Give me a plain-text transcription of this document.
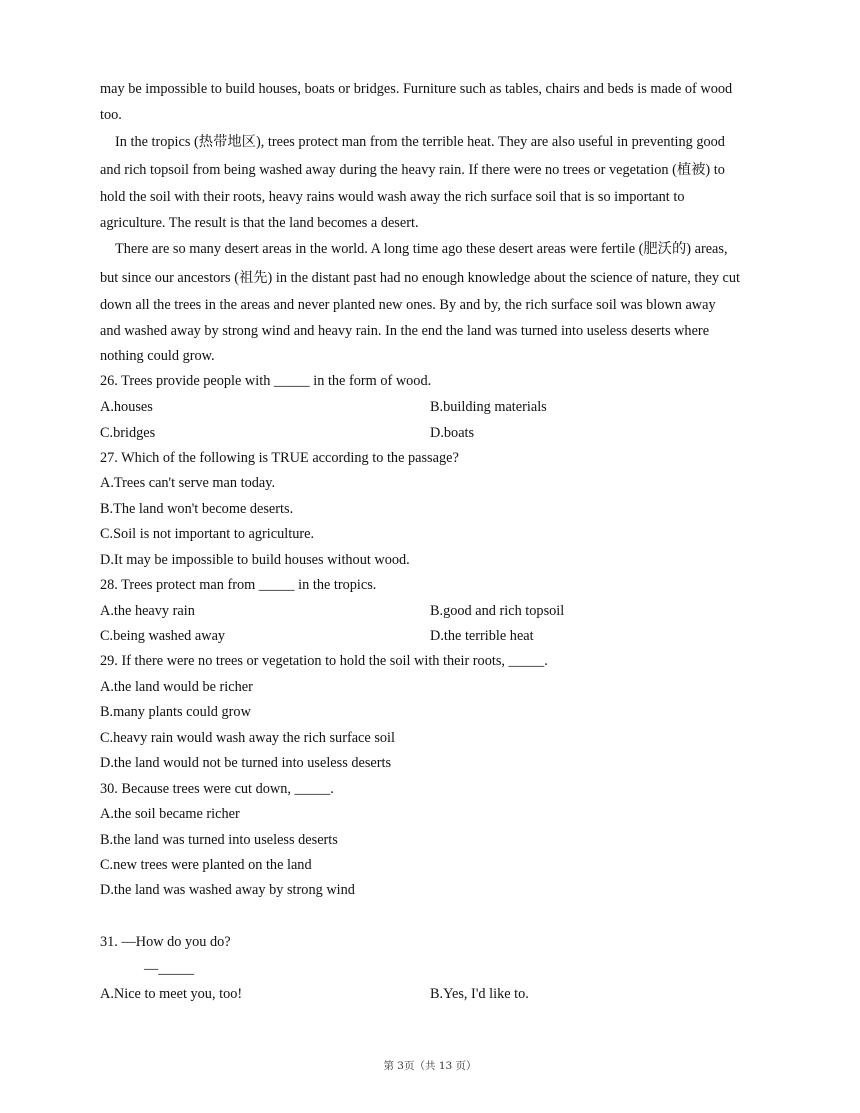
may be impossible to build houses, boats or bridges. Furniture such as tables, chairs and beds is made of wood
too.
In the tropics (热带地区), trees protect man from the terrible heat. They are also useful in preventing good
and rich topsoil from being washed away during the heavy rain. If there were no trees or vegetation (植被) to
hold the soil with their roots, heavy rains would wash away the rich surface soil that is so important to
agriculture. The result is that the land becomes a desert.
There are so many desert areas in the world. A long time ago these desert areas were fertile (肥沃的) areas,
but since our ancestors (祖先) in the distant past had no enough knowledge about the science of nature, they cut
down all the trees in the areas and never planted new ones. By and by, the rich surface soil was blown away
and washed away by strong wind and heavy rain. In the end the land was turned into useless deserts where
nothing could grow.
26. Trees provide people with _____ in the form of wood.
A.houses	B.building materials
C.bridges	D.boats
27. Which of the following is TRUE according to the passage?
A.Trees can't serve man today.
B.The land won't become deserts.
C.Soil is not important to agriculture.
D.It may be impossible to build houses without wood.
28. Trees protect man from _____ in the tropics.
A.the heavy rain	B.good and rich topsoil
C.being washed away	D.the terrible heat
29. If there were no trees or vegetation to hold the soil with their roots, _____.
A.the land would be richer
B.many plants could grow
C.heavy rain would wash away the rich surface soil
D.the land would not be turned into useless deserts
30. Because trees were cut down, _____.
A.the soil became richer
B.the land was turned into useless deserts
C.new trees were planted on the land
D.the land was washed away by strong wind
31. —How do you do?
—_____
A.Nice to meet you, too!	B.Yes, I'd like to.
第 3页（共 13 页）
